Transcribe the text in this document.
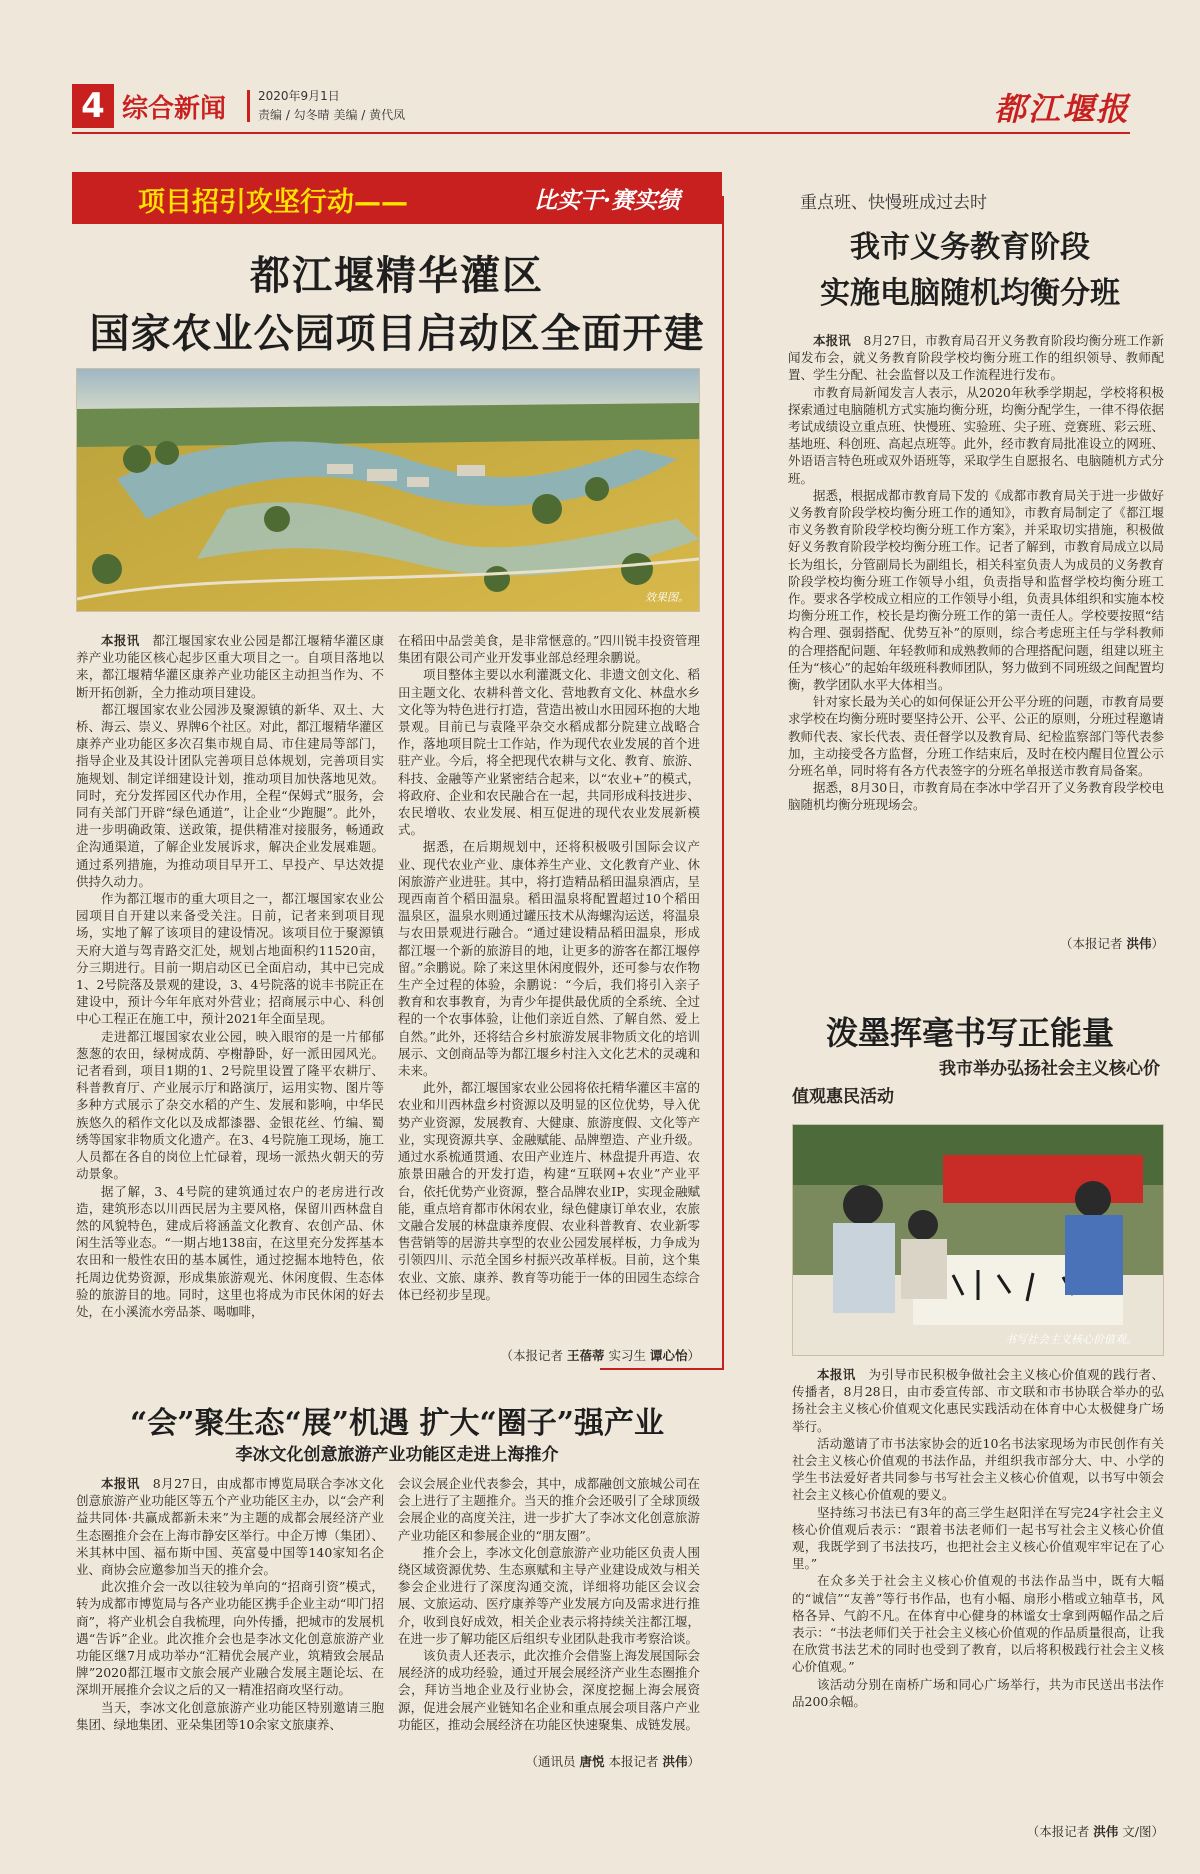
4 综合新闻	2020年9月1日
责编 / 勾冬晴 美编 / 黄代凤	都江堰报
项目招引攻坚行动——	比实干·赛实绩
都江堰精华灌区
国家农业公园项目启动区全面开建
效果图。

本报讯　都江堰国家农业公园是都江堰精华灌区康养产业功能区核心起步区重大项目之一。自项目落地以来，都江堰精华灌区康养产业功能区主动担当作为、不断开拓创新，全力推动项目建设。

都江堰国家农业公园涉及聚源镇的新华、双土、大桥、海云、崇义、界牌6个社区。对此，都江堰精华灌区康养产业功能区多次召集市规自局、市住建局等部门，指导企业及其设计团队完善项目总体规划，完善项目实施规划、制定详细建设计划，推动项目加快落地见效。同时，充分发挥园区代办作用，全程“保姆式”服务，会同有关部门开辟“绿色通道”，让企业“少跑腿”。此外，进一步明确政策、送政策，提供精准对接服务，畅通政企沟通渠道，了解企业发展诉求，解决企业发展难题。通过系列措施，为推动项目早开工、早投产、早达效提供持久动力。

作为都江堰市的重大项目之一，都江堰国家农业公园项目自开建以来备受关注。日前，记者来到项目现场，实地了解了该项目的建设情况。该项目位于聚源镇天府大道与驾青路交汇处，规划占地面积约11520亩，分三期进行。目前一期启动区已全面启动，其中已完成1、2号院落及景观的建设，3、4号院落的说丰书院正在建设中，预计今年年底对外营业；招商展示中心、科创中心工程正在施工中，预计2021年全面呈现。

走进都江堰国家农业公园，映入眼帘的是一片郁郁葱葱的农田，绿树成荫、亭榭静卧，好一派田园风光。记者看到，项目1期的1、2号院里设置了隆平农耕厅、科普教育厅、产业展示厅和路演厅，运用实物、图片等多种方式展示了杂交水稻的产生、发展和影响，中华民族悠久的稻作文化以及成都漆器、金银花丝、竹编、蜀绣等国家非物质文化遗产。在3、4号院施工现场，施工人员都在各自的岗位上忙碌着，现场一派热火朝天的劳动景象。

据了解，3、4号院的建筑通过农户的老房进行改造，建筑形态以川西民居为主要风格，保留川西林盘自然的风貌特色，建成后将涵盖文化教育、农创产品、休闲生活等业态。“一期占地138亩，在这里充分发挥基本农田和一般性农田的基本属性，通过挖掘本地特色，依托周边优势资源，形成集旅游观光、休闲度假、生态体验的旅游目的地。同时，这里也将成为市民休闲的好去处，在小溪流水旁品茶、喝咖啡，

在稻田中品尝美食，是非常惬意的。”四川锐丰投资管理集团有限公司产业开发事业部总经理余鹏说。

项目整体主要以水利灌溉文化、非遗文创文化、稻田主题文化、农耕科普文化、营地教育文化、林盘水乡文化等为特色进行打造，营造出被山水田园环抱的大地景观。目前已与袁隆平杂交水稻成都分院建立战略合作，落地项目院士工作站，作为现代农业发展的首个进驻产业。今后，将全把现代农耕与文化、教育、旅游、科技、金融等产业紧密结合起来，以“农业+”的模式，将政府、企业和农民融合在一起，共同形成科技进步、农民增收、农业发展、相互促进的现代农业发展新模式。

据悉，在后期规划中，还将积极吸引国际会议产业、现代农业产业、康体养生产业、文化教育产业、休闲旅游产业进驻。其中，将打造精品稻田温泉酒店，呈现西南首个稻田温泉。稻田温泉将配置超过10个稻田温泉区，温泉水则通过罐压技术从海螺沟运送，将温泉与农田景观进行融合。“通过建设精品稻田温泉，形成都江堰一个新的旅游目的地，让更多的游客在都江堰停留。”余鹏说。除了来这里休闲度假外，还可参与农作物生产全过程的体验，余鹏说：“今后，我们将引入亲子教育和农事教育，为青少年提供最优质的全系统、全过程的一个农事体验，让他们亲近自然、了解自然、爱上自然。”此外，还将结合乡村旅游发展非物质文化的培训展示、文创商品等为都江堰乡村注入文化艺术的灵魂和未来。

此外，都江堰国家农业公园将依托精华灌区丰富的农业和川西林盘乡村资源以及明显的区位优势，导入优势产业资源，发展教育、大健康、旅游度假、文化等产业，实现资源共享、金融赋能、品牌塑造、产业升级。通过水系梳通贯通、农田产业连片、林盘提升再造、农旅景田融合的开发打造，构建“互联网+农业”产业平台，依托优势产业资源，整合品牌农业IP，实现金融赋能，重点培育都市休闲农业，绿色健康订单农业，农旅文融合发展的林盘康养度假、农业科普教育、农业新零售营销等的居游共享型的农业公园发展样板，力争成为引领四川、示范全国乡村振兴改革样板。目前，这个集农业、文旅、康养、教育等功能于一体的田园生态综合体已经初步呈现。

（本报记者 王蓓蒂 实习生 谭心怡）
“会”聚生态“展”机遇 扩大“圈子”强产业
李冰文化创意旅游产业功能区走进上海推介

本报讯　8月27日，由成都市博览局联合李冰文化创意旅游产业功能区等五个产业功能区主办，以“会产利益共同体·共赢成都新未来”为主题的成都会展经济产业生态圈推介会在上海市静安区举行。中企万博（集团）、米其林中国、福布斯中国、英富曼中国等140家知名企业、商协会应邀参加当天的推介会。

此次推介会一改以往较为单向的“招商引资”模式，转为成都市博览局与各产业功能区携手企业主动“叩门招商”，将产业机会自我梳理，向外传播，把城市的发展机遇“告诉”企业。此次推介会也是李冰文化创意旅游产业功能区继7月成功举办“汇精优会展产业，筑精致会展品牌”2020都江堰市文旅会展产业融合发展主题论坛、在深圳开展推介会议之后的又一精准招商攻坚行动。

当天，李冰文化创意旅游产业功能区特别邀请三胞集团、绿地集团、亚朵集团等10余家文旅康养、

会议会展企业代表参会，其中，成都融创文旅城公司在会上进行了主题推介。当天的推介会还吸引了全球顶级会展企业的高度关注，进一步扩大了李冰文化创意旅游产业功能区和参展企业的“朋友圈”。

推介会上，李冰文化创意旅游产业功能区负责人围绕区域资源优势、生态禀赋和主导产业建设成效与相关参会企业进行了深度沟通交流，详细将功能区会议会展、文旅运动、医疗康养等产业发展方向及需求进行推介，收到良好成效，相关企业表示将持续关注都江堰，在进一步了解功能区后组织专业团队赴我市考察洽谈。

该负责人还表示，此次推介会借鉴上海发展国际会展经济的成功经验，通过开展会展经济产业生态圈推介会，拜访当地企业及行业协会，深度挖掘上海会展资源，促进会展产业链知名企业和重点展会项目落户产业功能区，推动会展经济在功能区快速聚集、成链发展。

（通讯员 唐悦 本报记者 洪伟）
重点班、快慢班成过去时
我市义务教育阶段
实施电脑随机均衡分班

本报讯　8月27日，市教育局召开义务教育阶段均衡分班工作新闻发布会，就义务教育阶段学校均衡分班工作的组织领导、教师配置、学生分配、社会监督以及工作流程进行发布。

市教育局新闻发言人表示，从2020年秋季学期起，学校将积极探索通过电脑随机方式实施均衡分班，均衡分配学生，一律不得依据考试成绩设立重点班、快慢班、实验班、尖子班、竞赛班、彩云班、基地班、科创班、高起点班等。此外，经市教育局批准设立的网班、外语语言特色班或双外语班等，采取学生自愿报名、电脑随机方式分班。

据悉，根据成都市教育局下发的《成都市教育局关于进一步做好义务教育阶段学校均衡分班工作的通知》，市教育局制定了《都江堰市义务教育阶段学校均衡分班工作方案》，并采取切实措施，积极做好义务教育阶段学校均衡分班工作。记者了解到，市教育局成立以局长为组长，分管副局长为副组长，相关科室负责人为成员的义务教育阶段学校均衡分班工作领导小组，负责指导和监督学校均衡分班工作。要求各学校成立相应的工作领导小组，负责具体组织和实施本校均衡分班工作，校长是均衡分班工作的第一责任人。学校要按照“结构合理、强弱搭配、优势互补”的原则，综合考虑班主任与学科教师的合理搭配问题、年轻教师和成熟教师的合理搭配问题，组建以班主任为“核心”的起始年级班科教师团队，努力做到不同班级之间配置均衡，教学团队水平大体相当。

针对家长最为关心的如何保证公开公平分班的问题，市教育局要求学校在均衡分班时要坚持公开、公平、公正的原则，分班过程邀请教师代表、家长代表、责任督学以及教育局、纪检监察部门等代表参加，主动接受各方监督，分班工作结束后，及时在校内醒目位置公示分班名单，同时将有各方代表签字的分班名单报送市教育局备案。

据悉，8月30日，市教育局在李冰中学召开了义务教育段学校电脑随机均衡分班现场会。

（本报记者 洪伟）
泼墨挥毫书写正能量
我市举办弘扬社会主义核心价
值观惠民活动
书写社会主义核心价值观。

本报讯　为引导市民积极争做社会主义核心价值观的践行者、传播者，8月28日，由市委宣传部、市文联和市书协联合举办的弘扬社会主义核心价值观文化惠民实践活动在体育中心太极健身广场举行。

活动邀请了市书法家协会的近10名书法家现场为市民创作有关社会主义核心价值观的书法作品，并组织我市部分大、中、小学的学生书法爱好者共同参与书写社会主义核心价值观，以书写中领会社会主义核心价值观的要义。

坚持练习书法已有3年的高三学生赵阳洋在写完24字社会主义核心价值观后表示：“跟着书法老师们一起书写社会主义核心价值观，我既学到了书法技巧，也把社会主义核心价值观牢牢记在了心里。”

在众多关于社会主义核心价值观的书法作品当中，既有大幅的“诚信”“友善”等行书作品，也有小幅、扇形小楷或立轴草书，风格各异、气韵不凡。在体育中心健身的林谧女士拿到两幅作品之后表示：“书法老师们关于社会主义核心价值观的作品质量很高，让我在欣赏书法艺术的同时也受到了教育，以后将积极践行社会主义核心价值观。”

该活动分别在南桥广场和同心广场举行，共为市民送出书法作品200余幅。

（本报记者 洪伟 文/图）
